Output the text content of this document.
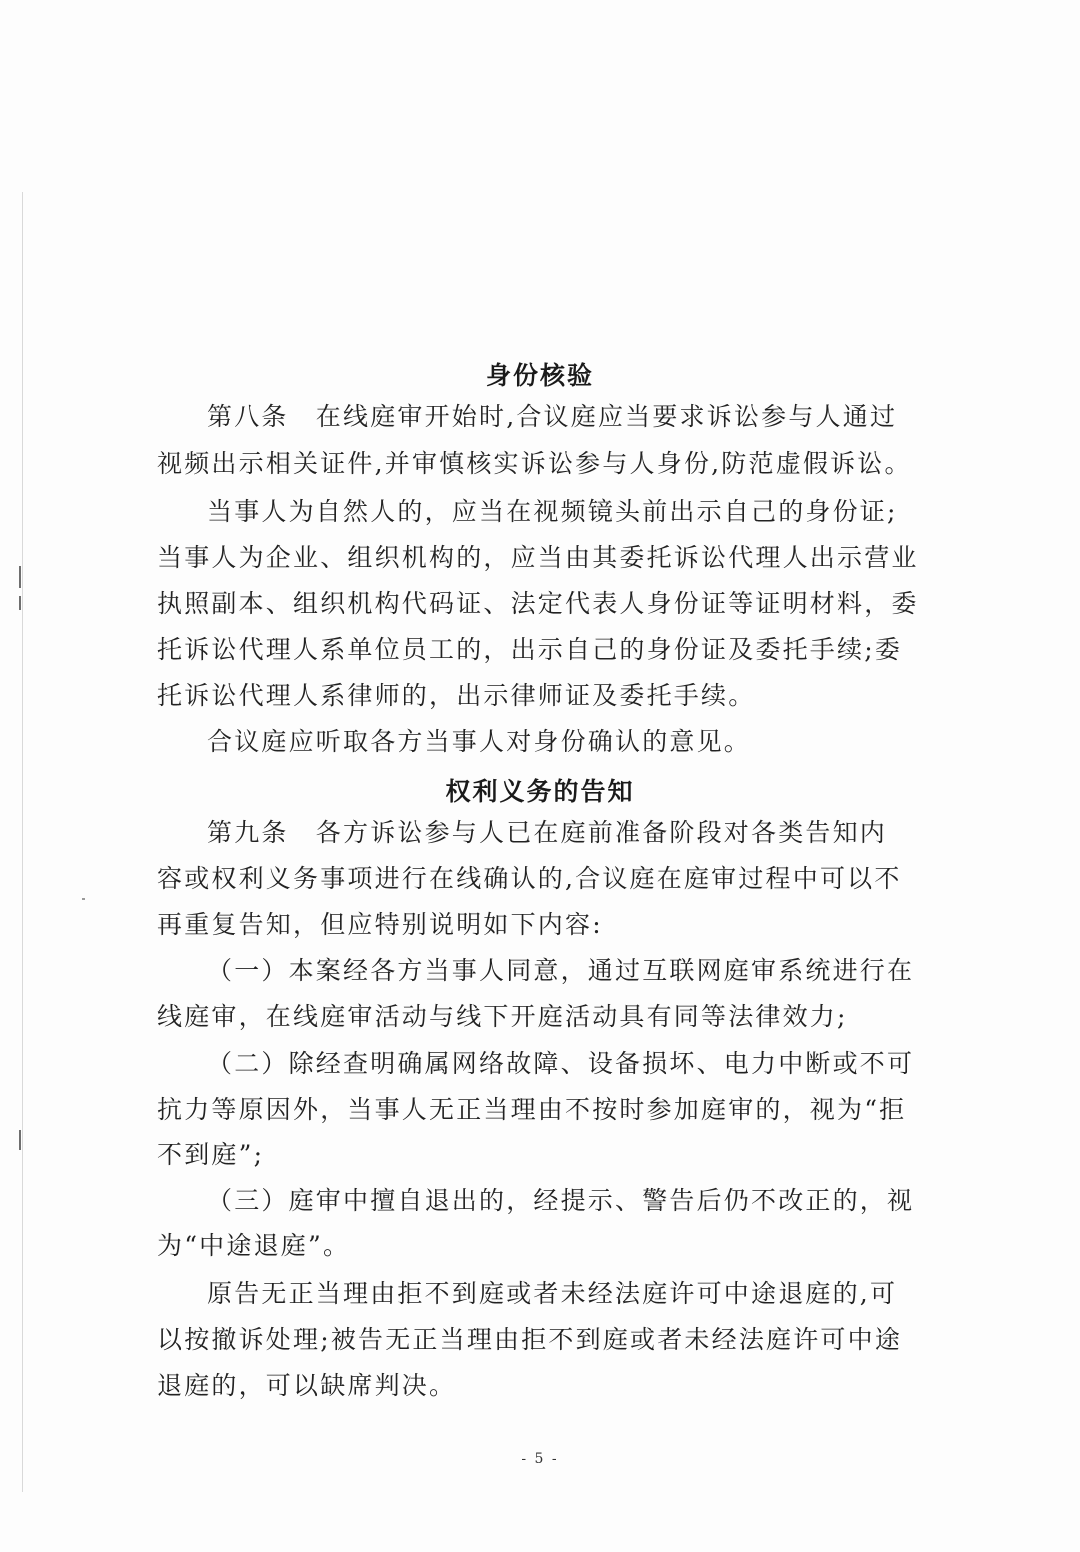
身份核验
第八条　在线庭审开始时,合议庭应当要求诉讼参与人通过
视频出示相关证件,并审慎核实诉讼参与人身份,防范虚假诉讼。
当事人为自然人的，应当在视频镜头前出示自己的身份证;
当事人为企业、组织机构的，应当由其委托诉讼代理人出示营业
执照副本、组织机构代码证、法定代表人身份证等证明材料，委
托诉讼代理人系单位员工的，出示自己的身份证及委托手续;委
托诉讼代理人系律师的，出示律师证及委托手续。
合议庭应听取各方当事人对身份确认的意见。
权利义务的告知
第九条　各方诉讼参与人已在庭前准备阶段对各类告知内
容或权利义务事项进行在线确认的,合议庭在庭审过程中可以不
再重复告知，但应特别说明如下内容:
（一）本案经各方当事人同意，通过互联网庭审系统进行在
线庭审，在线庭审活动与线下开庭活动具有同等法律效力;
（二）除经查明确属网络故障、设备损坏、电力中断或不可
抗力等原因外，当事人无正当理由不按时参加庭审的，视为“拒
不到庭”;
（三）庭审中擅自退出的，经提示、警告后仍不改正的，视
为“中途退庭”。
原告无正当理由拒不到庭或者未经法庭许可中途退庭的,可
以按撤诉处理;被告无正当理由拒不到庭或者未经法庭许可中途
退庭的，可以缺席判决。
- 5 -
